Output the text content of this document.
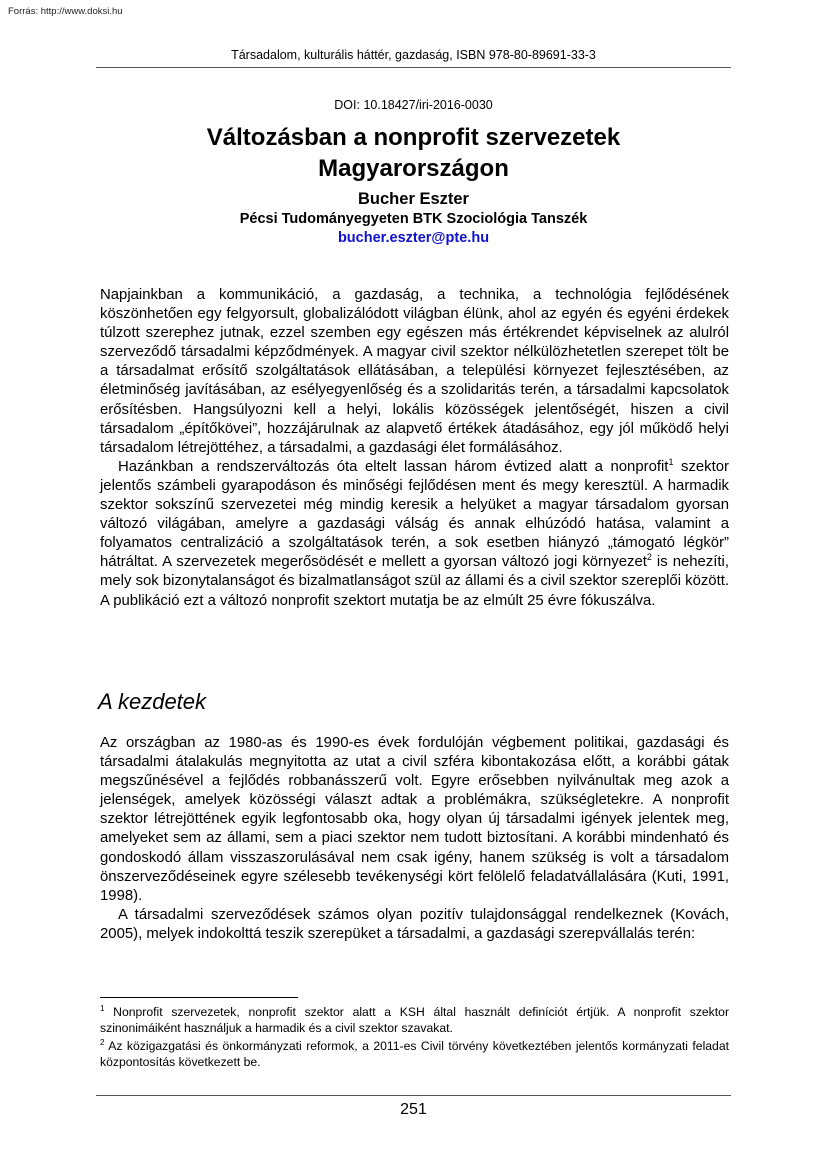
Forrás: http://www.doksi.hu
Társadalom, kulturális háttér, gazdaság, ISBN 978-80-89691-33-3
DOI: 10.18427/iri-2016-0030
Változásban a nonprofit szervezetek
Magyarországon
Bucher Eszter
Pécsi Tudományegyeten BTK Szociológia Tanszék
bucher.eszter@pte.hu

Napjainkban a kommunikáció, a gazdaság, a technika, a technológia fejlődésének köszönhetően egy felgyorsult, globalizálódott világban élünk, ahol az egyén és egyéni érdekek túlzott szerephez jutnak, ezzel szemben egy egészen más értékrendet képviselnek az alulról szerveződő társadalmi képződmények. A magyar civil szektor nélkülözhetetlen szerepet tölt be a társadalmat erősítő szolgáltatások ellátásában, a települési környezet fejlesztésében, az életminőség javításában, az esélyegyenlőség és a szolidaritás terén, a társadalmi kapcsolatok erősítésben. Hangsúlyozni kell a helyi, lokális közösségek jelentőségét, hiszen a civil társadalom „építőkövei”, hozzájárulnak az alapvető értékek átadásához, egy jól működő helyi társadalom létrejöttéhez, a társadalmi, a gazdasági élet formálásához.

Hazánkban a rendszerváltozás óta eltelt lassan három évtized alatt a nonprofit$^1$ szektor jelentős számbeli gyarapodáson és minőségi fejlődésen ment és megy keresztül. A harmadik szektor sokszínű szervezetei még mindig keresik a helyüket a magyar társadalom gyorsan változó világában, amelyre a gazdasági válság és annak elhúzódó hatása, valamint a folyamatos centralizáció a szolgáltatások terén, a sok esetben hiányzó „támogató légkör” hátráltat. A szervezetek megerősödését e mellett a gyorsan változó jogi környezet$^2$ is nehezíti, mely sok bizonytalanságot és bizalmatlanságot szül az állami és a civil szektor szereplői között. A publikáció ezt a változó nonprofit szektort mutatja be az elmúlt 25 évre fókuszálva.

A kezdetek

Az országban az 1980-as és 1990-es évek fordulóján végbement politikai, gazdasági és társadalmi átalakulás megnyitotta az utat a civil szféra kibontakozása előtt, a korábbi gátak megszűnésével a fejlődés robbanásszerű volt. Egyre erősebben nyilvánultak meg azok a jelenségek, amelyek közösségi választ adtak a problémákra, szükségletekre. A nonprofit szektor létrejöttének egyik legfontosabb oka, hogy olyan új társadalmi igények jelentek meg, amelyeket sem az állami, sem a piaci szektor nem tudott biztosítani. A korábbi mindenható és gondoskodó állam visszaszorulásával nem csak igény, hanem szükség is volt a társadalom önszerveződéseinek egyre szélesebb tevékenységi kört felölelő feladatvállalására (Kuti, 1991, 1998).

A társadalmi szerveződések számos olyan pozitív tulajdonsággal rendelkeznek (Kovách, 2005), melyek indokolttá teszik szerepüket a társadalmi, a gazdasági szerepvállalás terén:

$^1$ Nonprofit szervezetek, nonprofit szektor alatt a KSH által használt definíciót értjük. A nonprofit szektor szinonimáiként használjuk a harmadik és a civil szektor szavakat.

$^2$ Az közigazgatási és önkormányzati reformok, a 2011-es Civil törvény következtében jelentős kormányzati feladat központosítás következett be.

251
